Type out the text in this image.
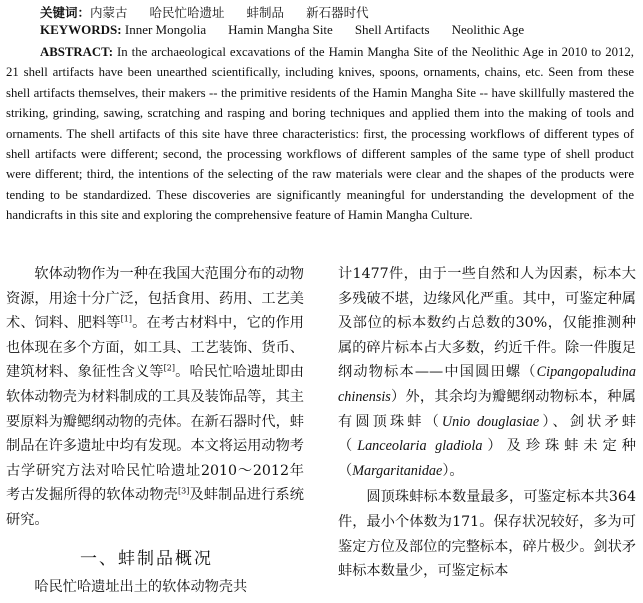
关键词：内蒙古 哈民忙哈遗址 蚌制品 新石器时代
KEYWORDS: Inner Mongolia Hamin Mangha Site Shell Artifacts Neolithic Age

ABSTRACT: In the archaeological excavations of the Hamin Mangha Site of the Neolithic Age in 2010 to 2012, 21 shell artifacts have been unearthed scientifically, including knives, spoons, ornaments, chains, etc. Seen from these shell artifacts themselves, their makers -- the primitive residents of the Hamin Mangha Site -- have skillfully mastered the striking, grinding, sawing, scratching and rasping and boring techniques and applied them into the making of tools and ornaments. The shell artifacts of this site have three characteristics: first, the processing workflows of different types of shell artifacts were different; second, the processing workflows of different samples of the same type of shell product were different; third, the intentions of the selecting of the raw materials were clear and the shapes of the products were tending to be standardized. These discoveries are significantly meaningful for understanding the development of the handicrafts in this site and exploring the comprehensive feature of Hamin Mangha Culture.

软体动物作为一种在我国大范围分布的动物资源，用途十分广泛，包括食用、药用、工艺美术、饲料、肥料等[1]。在考古材料中，它的作用也体现在多个方面，如工具、工艺装饰、货币、建筑材料、象征性含义等[2]。哈民忙哈遗址即由软体动物壳为材料制成的工具及装饰品等，其主要原料为瓣鳃纲动物的壳体。在新石器时代，蚌制品在许多遗址中均有发现。本文将运用动物考古学研究方法对哈民忙哈遗址2010～2012年考古发掘所得的软体动物壳[3]及蚌制品进行系统研究。

一、蚌制品概况

哈民忙哈遗址出土的软体动物壳共

计1477件，由于一些自然和人为因素，标本大多残破不堪，边缘风化严重。其中，可鉴定种属及部位的标本数约占总数的30%，仅能推测种属的碎片标本占大多数，约近千件。除一件腹足纲动物标本——中国圆田螺（Cipangopaludina chinensis）外，其余均为瓣鳃纲动物标本，种属有圆顶珠蚌（Unio douglasiae）、剑状矛蚌（Lanceolaria gladiola）及珍珠蚌未定种（Margaritanidae）。

圆顶珠蚌标本数量最多，可鉴定标本共364件，最小个体数为171。保存状况较好，多为可鉴定方位及部位的完整标本，碎片极少。剑状矛蚌标本数量少，可鉴定标本
